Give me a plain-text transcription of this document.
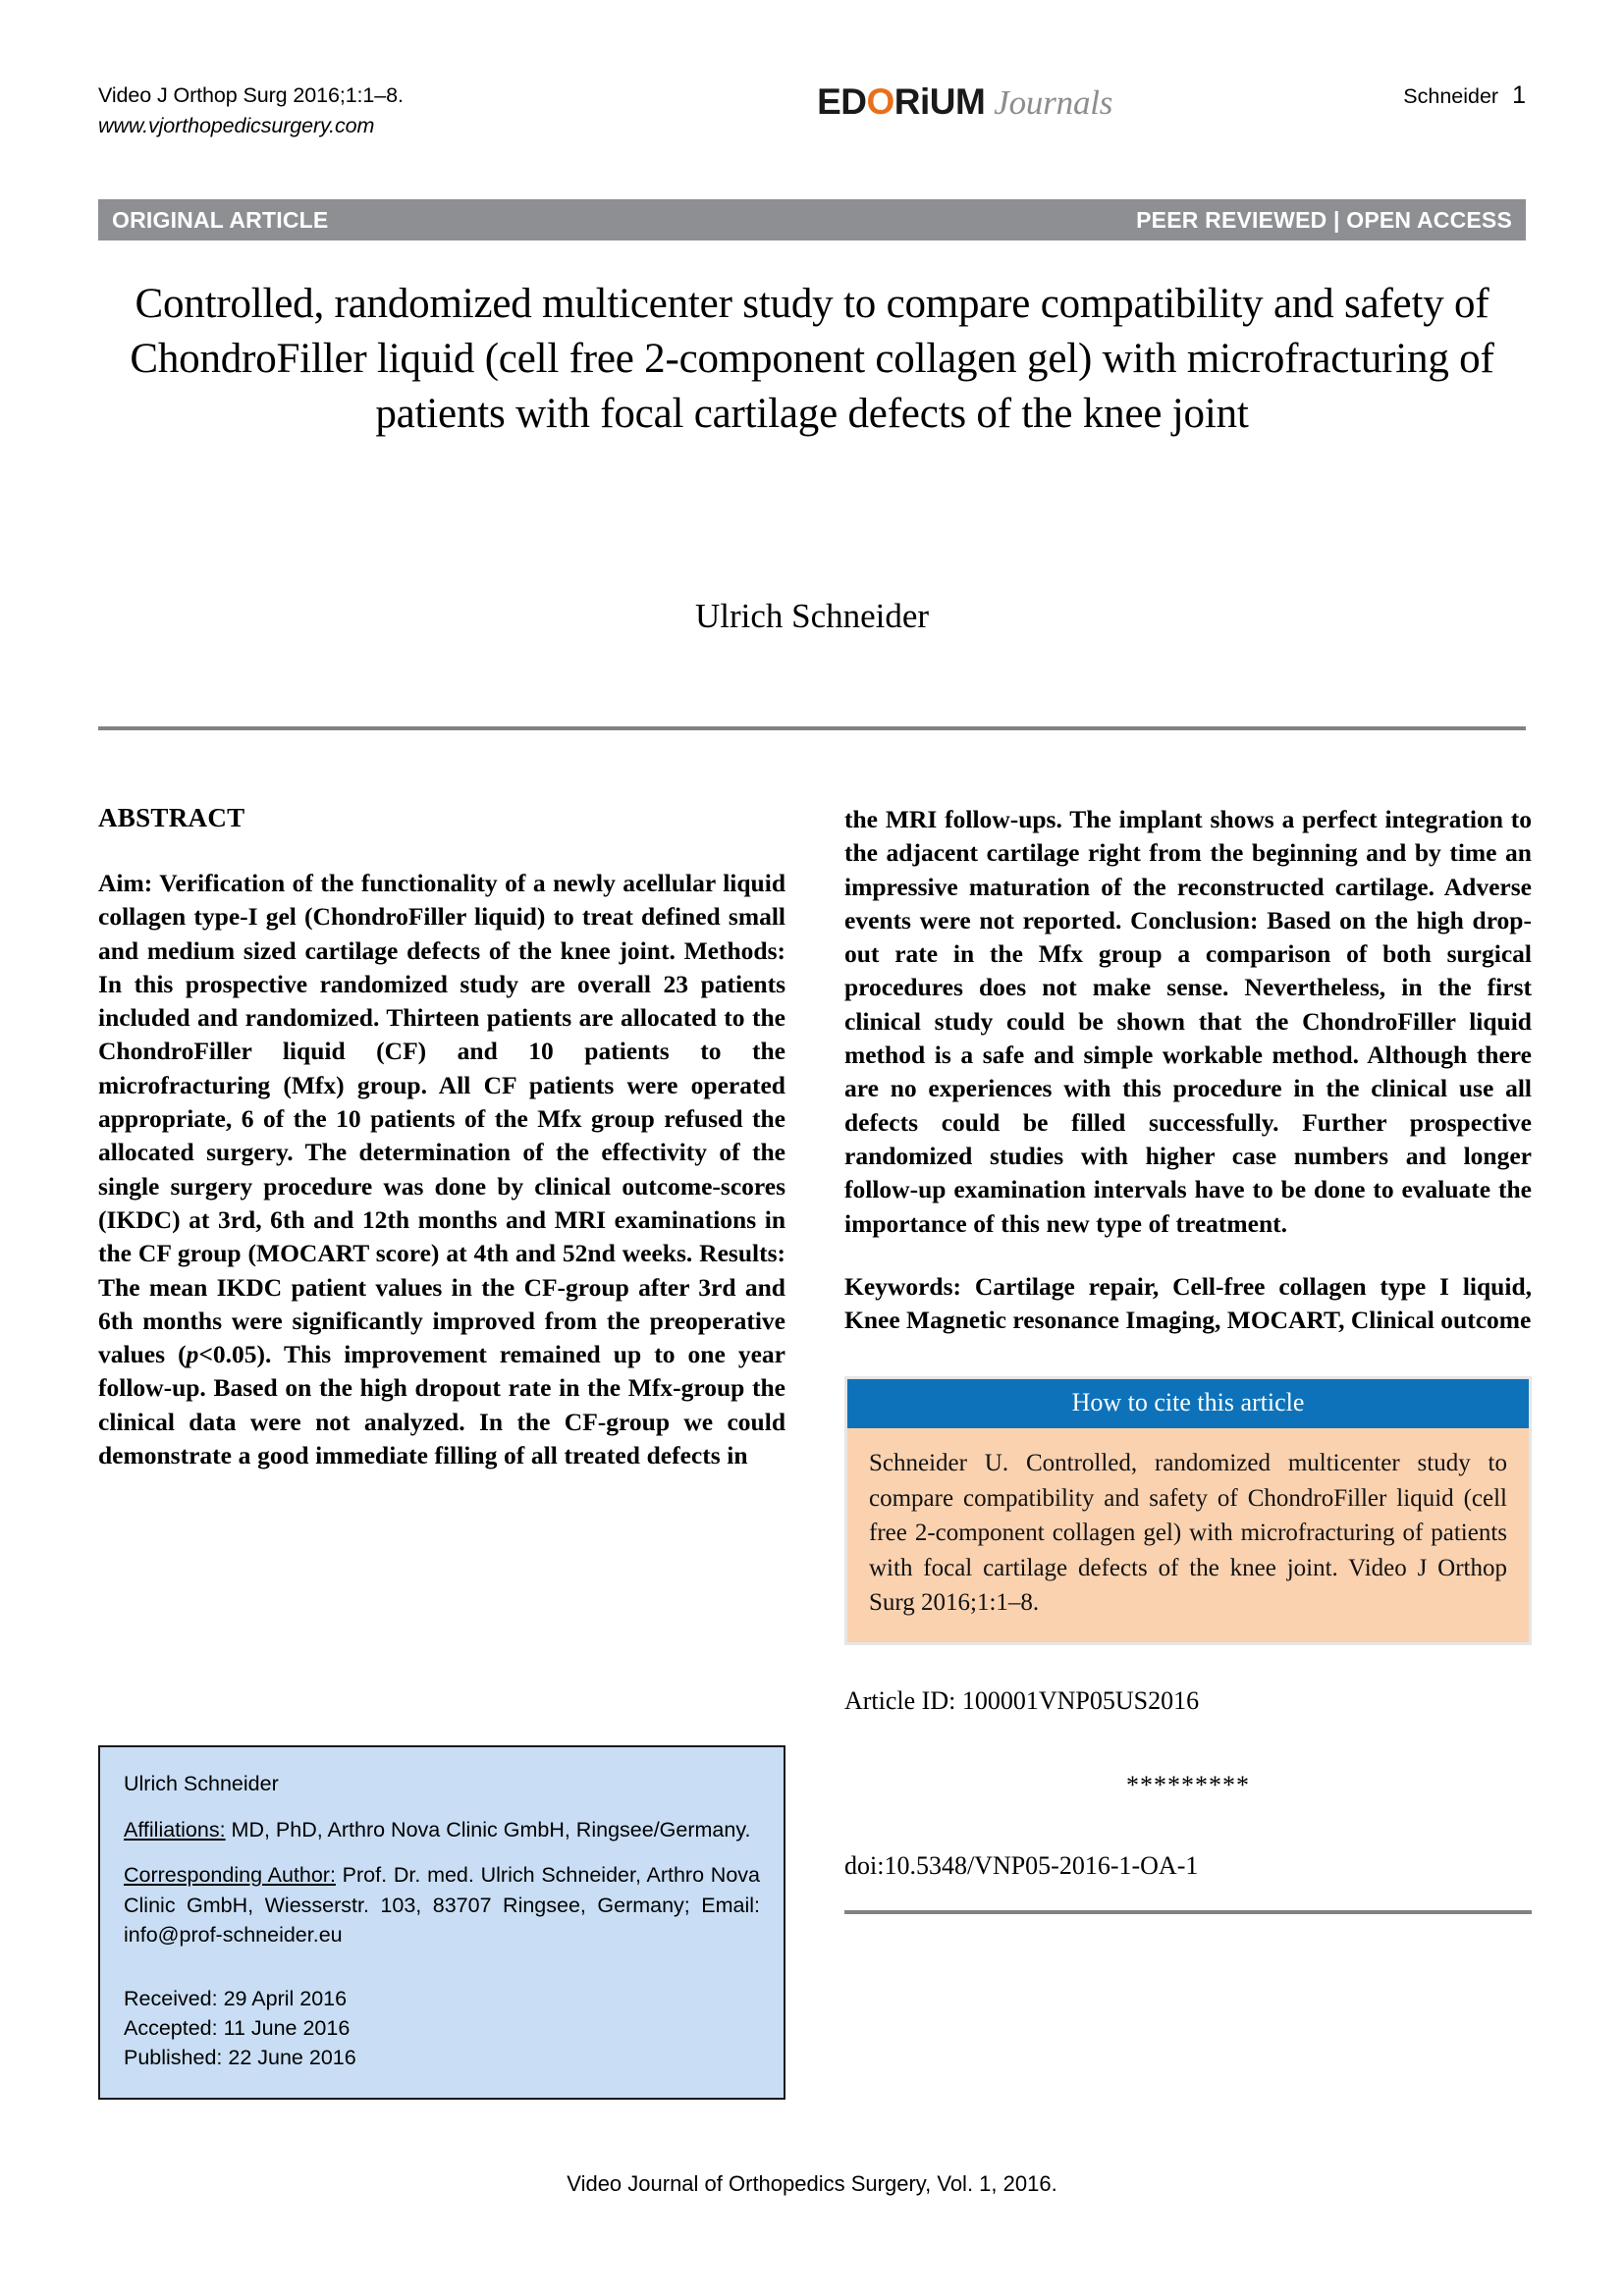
Video J Orthop Surg 2016;1:1–8.
www.vjorthopedicsurgery.com
EDORiUM Journals	Schneider 1
ORIGINAL ARTICLE	PEER REVIEWED | OPEN ACCESS
Controlled, randomized multicenter study to compare compatibility and safety of ChondroFiller liquid (cell free 2-component collagen gel) with microfracturing of patients with focal cartilage defects of the knee joint
Ulrich Schneider
ABSTRACT

Aim: Verification of the functionality of a newly acellular liquid collagen type-I gel (ChondroFiller liquid) to treat defined small and medium sized cartilage defects of the knee joint. Methods: In this prospective randomized study are overall 23 patients included and randomized. Thirteen patients are allocated to the ChondroFiller liquid (CF) and 10 patients to the microfracturing (Mfx) group. All CF patients were operated appropriate, 6 of the 10 patients of the Mfx group refused the allocated surgery. The determination of the effectivity of the single surgery procedure was done by clinical outcome-scores (IKDC) at 3rd, 6th and 12th months and MRI examinations in the CF group (MOCART score) at 4th and 52nd weeks. Results: The mean IKDC patient values in the CF-group after 3rd and 6th months were significantly improved from the preoperative values (p<0.05). This improvement remained up to one year follow-up. Based on the high dropout rate in the Mfx-group the clinical data were not analyzed. In the CF-group we could demonstrate a good immediate filling of all treated defects in

the MRI follow-ups. The implant shows a perfect integration to the adjacent cartilage right from the beginning and by time an impressive maturation of the reconstructed cartilage. Adverse events were not reported. Conclusion: Based on the high drop-out rate in the Mfx group a comparison of both surgical procedures does not make sense. Nevertheless, in the first clinical study could be shown that the ChondroFiller liquid method is a safe and simple workable method. Although there are no experiences with this procedure in the clinical use all defects could be filled successfully. Further prospective randomized studies with higher case numbers and longer follow-up examination intervals have to be done to evaluate the importance of this new type of treatment.

Keywords: Cartilage repair, Cell-free collagen type I liquid, Knee Magnetic resonance Imaging, MOCART, Clinical outcome

How to cite this article
Schneider U. Controlled, randomized multicenter study to compare compatibility and safety of ChondroFiller liquid (cell free 2-component collagen gel) with microfracturing of patients with focal cartilage defects of the knee joint. Video J Orthop Surg 2016;1:1–8.
Article ID: 100001VNP05US2016
*********
doi:10.5348/VNP05-2016-1-OA-1

Ulrich Schneider

Affiliations: MD, PhD, Arthro Nova Clinic GmbH, Ringsee/Germany.

Corresponding Author: Prof. Dr. med. Ulrich Schneider, Arthro Nova Clinic GmbH, Wiesserstr. 103, 83707 Ringsee, Germany; Email: info@prof-schneider.eu

Received: 29 April 2016
Accepted: 11 June 2016
Published: 22 June 2016
Video Journal of Orthopedics Surgery, Vol. 1, 2016.
